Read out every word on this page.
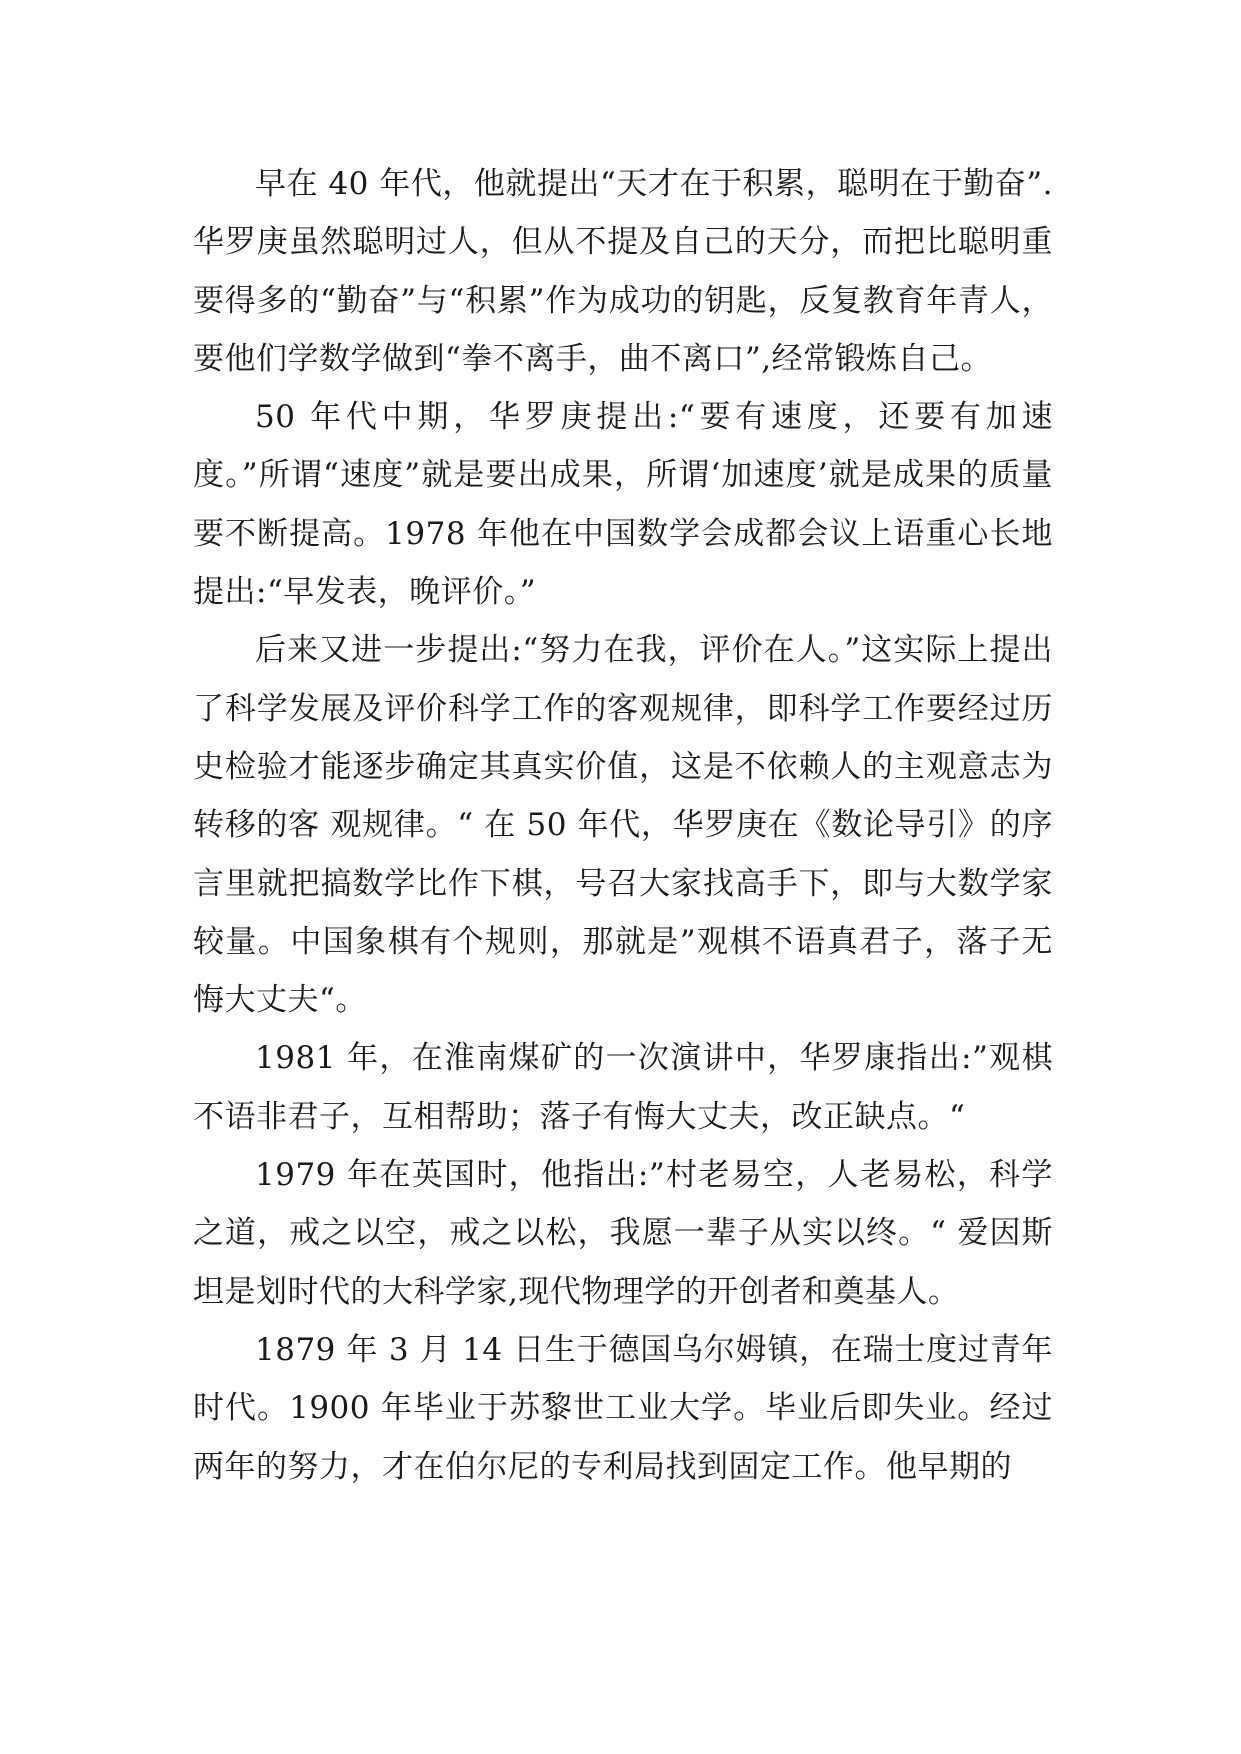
早在 40 年代，他就提出“天才在于积累，聪明在于勤奋”. 华罗庚虽然聪明过人，但从不提及自己的天分，而把比聪明重要得多的“勤奋”与“积累”作为成功的钥匙，反复教育年青人，要他们学数学做到“拳不离手，曲不离口”,经常锻炼自己。

50 年代中期，华罗庚提出:“要有速度，还要有加速度。”所谓“速度”就是要出成果，所谓‘加速度’就是成果的质量要不断提高。1978 年他在中国数学会成都会议上语重心长地提出:“早发表，晚评价。”

后来又进一步提出:“努力在我，评价在人。”这实际上提出了科学发展及评价科学工作的客观规律，即科学工作要经过历史检验才能逐步确定其真实价值，这是不依赖人的主观意志为转移的客 观规律。“ 在 50 年代，华罗庚在《数论导引》的序言里就把搞数学比作下棋，号召大家找高手下，即与大数学家较量。中国象棋有个规则，那就是”观棋不语真君子，落子无悔大丈夫“。

1981 年，在淮南煤矿的一次演讲中，华罗康指出:”观棋不语非君子，互相帮助；落子有悔大丈夫，改正缺点。“

1979 年在英国时，他指出:”村老易空，人老易松，科学之道，戒之以空，戒之以松，我愿一辈子从实以终。“ 爱因斯坦是划时代的大科学家,现代物理学的开创者和奠基人。

1879 年 3 月 14 日生于德国乌尔姆镇，在瑞士度过青年时代。1900 年毕业于苏黎世工业大学。毕业后即失业。经过两年的努力，才在伯尔尼的专利局找到固定工作。他早期的
